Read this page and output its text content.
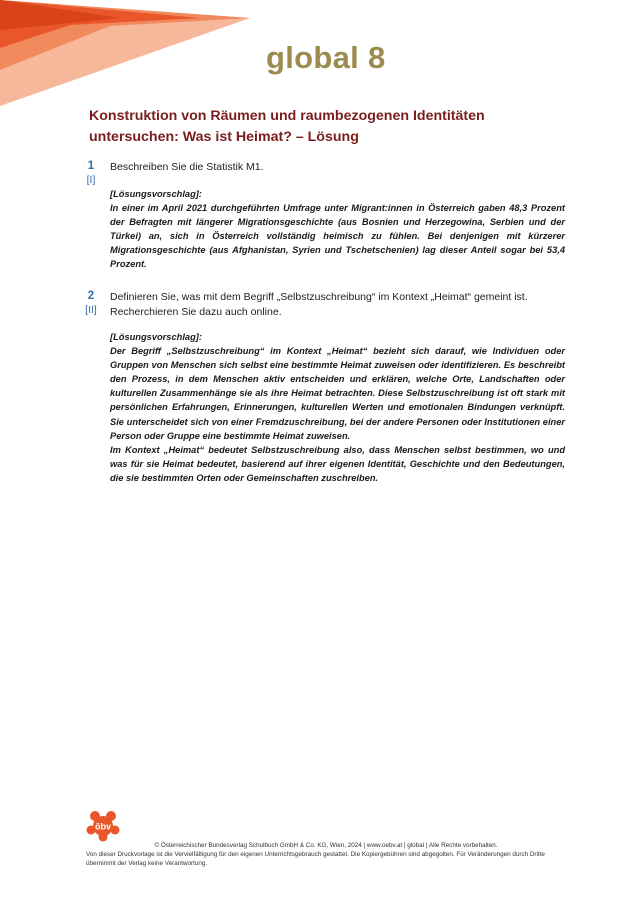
global 8
Konstruktion von Räumen und raumbezogenen Identitäten untersuchen: Was ist Heimat? – Lösung
1
[I]
Beschreiben Sie die Statistik M1.
[Lösungsvorschlag]:

In einer im April 2021 durchgeführten Umfrage unter Migrant:innen in Österreich gaben 48,3 Prozent der Befragten mit längerer Migrationsgeschichte (aus Bosnien und Herzegowina, Serbien und der Türkei) an, sich in Österreich vollständig heimisch zu fühlen. Bei denjenigen mit kürzerer Migrationsgeschichte (aus Afghanistan, Syrien und Tschetschenien) lag dieser Anteil sogar bei 53,4 Prozent.

2
[II]
Definieren Sie, was mit dem Begriff „Selbstzuschreibung“ im Kontext „Heimat“ gemeint ist.
Recherchieren Sie dazu auch online.
[Lösungsvorschlag]:

Der Begriff „Selbstzuschreibung“ im Kontext „Heimat“ bezieht sich darauf, wie Individuen oder Gruppen von Menschen sich selbst eine bestimmte Heimat zuweisen oder identifizieren. Es beschreibt den Prozess, in dem Menschen aktiv entscheiden und erklären, welche Orte, Landschaften oder kulturellen Zusammenhänge sie als ihre Heimat betrachten. Diese Selbstzuschreibung ist oft stark mit persönlichen Erfahrungen, Erinnerungen, kulturellen Werten und emotionalen Bindungen verknüpft. Sie unterscheidet sich von einer Fremdzuschreibung, bei der andere Personen oder Institutionen einer Person oder Gruppe eine bestimmte Heimat zuweisen.

Im Kontext „Heimat“ bedeutet Selbstzuschreibung also, dass Menschen selbst bestimmen, wo und was für sie Heimat bedeutet, basierend auf ihrer eigenen Identität, Geschichte und den Bedeutungen, die sie bestimmten Orten oder Gemeinschaften zuschreiben.

öbv
© Österreichischer Bundesverlag Schulbuch GmbH & Co. KG, Wien, 2024 | www.oebv.at | global | Alle Rechte vorbehalten.
Von dieser Druckvorlage ist die Vervielfältigung für den eigenen Unterrichtsgebrauch gestattet. Die Kopiergebühren sind abgegolten. Für Veränderungen durch Dritte übernimmt der Verlag keine Verantwortung.
